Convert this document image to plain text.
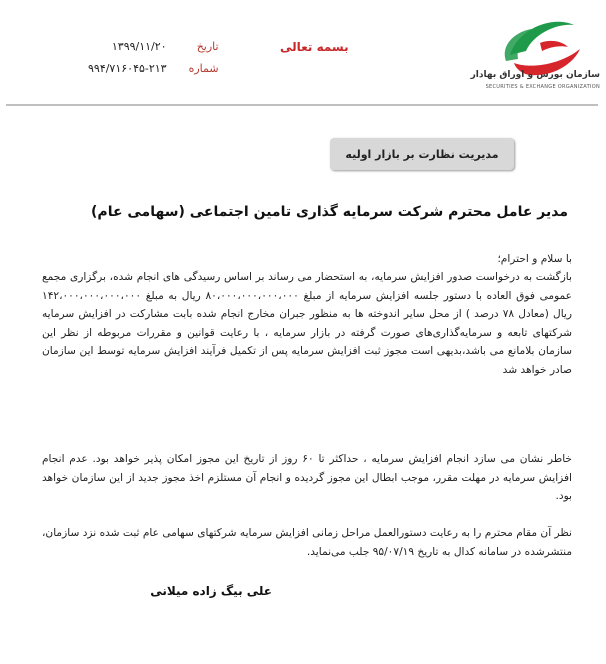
تاریخ
۱۳۹۹/۱۱/۲۰
شماره
۹۹۴/۷۱۶۰۴۵-۲۱۳
بسمه تعالی
سازمان بورس و اوراق بهادار
SECURITIES & EXCHANGE ORGANIZATION
مدیریت نظارت بر بازار اولیه
مدیر عامل محترم شرکت سرمایه گذاری تامین اجتماعی (سهامی عام)
با سلام و احترام؛
بازگشت به درخواست صدور افزایش سرمایه، به استحضار می رساند بر اساس رسیدگی های انجام شده، برگزاری مجمع عمومی فوق العاده با دستور جلسه افزایش سرمایه از مبلغ ۸۰،۰۰۰،۰۰۰،۰۰۰،۰۰۰ ریال به مبلغ ۱۴۲،۰۰۰،۰۰۰،۰۰۰،۰۰۰ ریال (معادل ۷۸ درصد ) از محل سایر اندوخته ها به منظور جبران مخارج انجام شده بابت مشارکت در افزایش سرمایه شرکتهای تابعه و سرمایه‌گذاری‌های صورت گرفته در بازار سرمایه ، با رعایت قوانین و مقررات مربوطه از نظر این سازمان بلامانع می باشد،بدیهی است مجوز ثبت افزایش سرمایه پس از تکمیل فرآیند افزایش سرمایه توسط این سازمان صادر خواهد شد
خاطر نشان می سازد انجام افزایش سرمایه ، حداکثر تا ۶۰ روز از تاریخ این مجوز امکان پذیر خواهد بود. عدم انجام افزایش سرمایه در مهلت مقرر، موجب ابطال این مجوز گردیده و انجام آن مستلزم اخذ مجوز جدید از این سازمان خواهد بود.
نظر آن مقام محترم را به رعایت دستورالعمل مراحل زمانی افزایش سرمایه شرکتهای سهامی عام ثبت شده نزد سازمان، منتشرشده در سامانه کدال به تاریخ ۹۵/۰۷/۱۹ جلب می‌نماید.
علی بیگ زاده میلانی
